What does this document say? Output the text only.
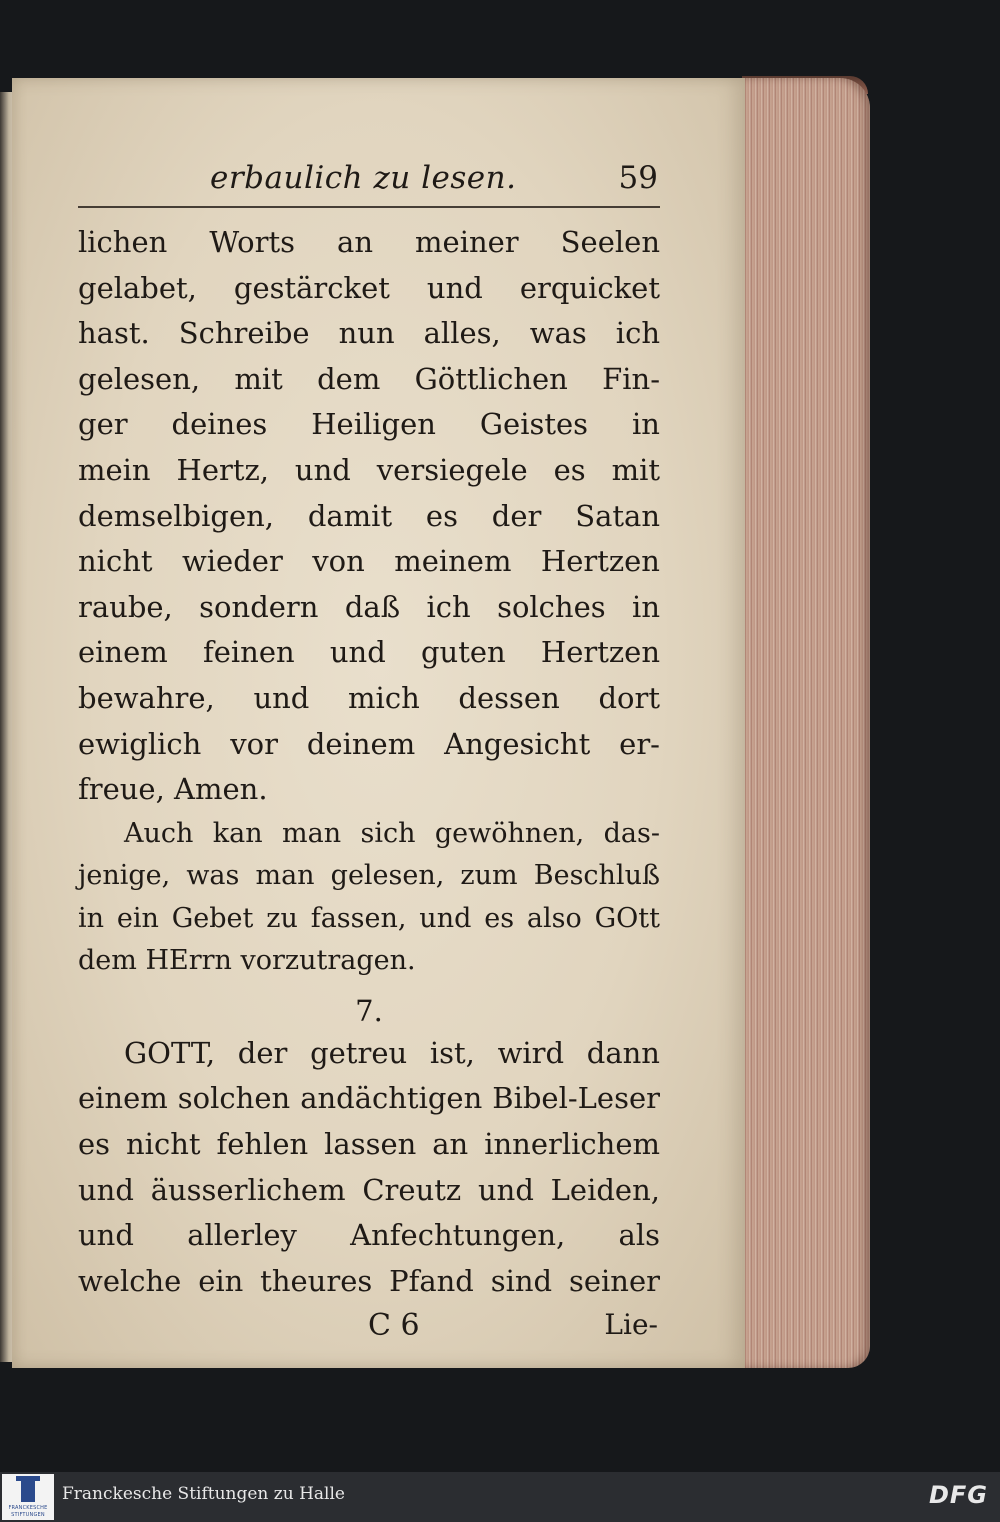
erbaulich zu lesen.	59
lichen Worts an meiner Seelen
gelabet, gestärcket und erquicket
hast. Schreibe nun alles, was ich
gelesen, mit dem Göttlichen Fin-
ger deines Heiligen Geistes in
mein Hertz, und versiegele es mit
demselbigen, damit es der Satan
nicht wieder von meinem Hertzen
raube, sondern daß ich solches in
einem feinen und guten Hertzen
bewahre, und mich dessen dort
ewiglich vor deinem Angesicht er-
freue, Amen.
Auch kan man sich gewöhnen, das-
jenige, was man gelesen, zum Beschluß
in ein Gebet zu fassen, und es also GOtt
dem HErrn vorzutragen.
7.
GOTT, der getreu ist, wird dann
einem solchen andächtigen Bibel-Leser
es nicht fehlen lassen an innerlichem
und äusserlichem Creutz und Leiden,
und allerley Anfechtungen, als
welche ein theures Pfand sind seiner
C 6	Lie-
FRANCKESCHE
STIFTUNGEN
Franckesche Stiftungen zu Halle	DFG
